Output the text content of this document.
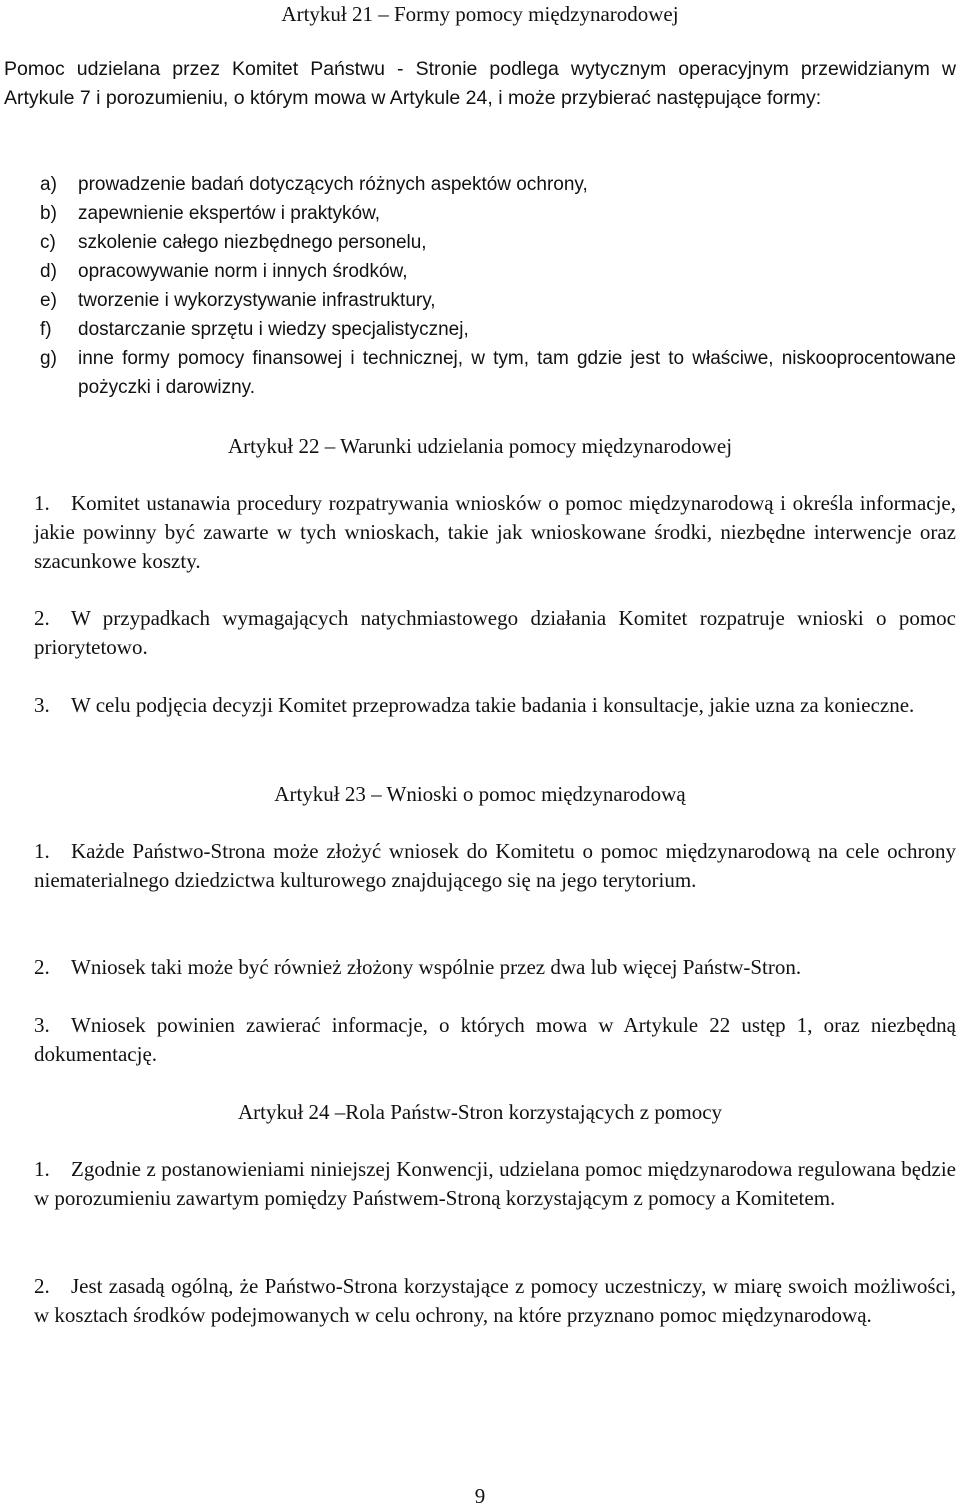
Artykuł 21 – Formy pomocy międzynarodowej
Pomoc udzielana przez Komitet Państwu - Stronie podlega wytycznym operacyjnym przewidzianym w Artykule 7 i porozumieniu, o którym mowa w Artykule 24, i może przybierać następujące formy:
a) prowadzenie badań dotyczących różnych aspektów ochrony,
b) zapewnienie ekspertów i praktyków,
c) szkolenie całego niezbędnego personelu,
d) opracowywanie norm i innych środków,
e) tworzenie i wykorzystywanie infrastruktury,
f) dostarczanie sprzętu i wiedzy specjalistycznej,
g) inne formy pomocy finansowej i technicznej, w tym, tam gdzie jest to właściwe, niskooprocentowane pożyczki i darowizny.
Artykuł 22 – Warunki udzielania pomocy międzynarodowej
1.	Komitet ustanawia procedury rozpatrywania wniosków o pomoc międzynarodową i określa informacje, jakie powinny być zawarte w tych wnioskach, takie jak wnioskowane środki, niezbędne interwencje oraz szacunkowe koszty.
2.	W przypadkach wymagających natychmiastowego działania Komitet rozpatruje wnioski o pomoc priorytetowo.
3.	W celu podjęcia decyzji Komitet przeprowadza takie badania i konsultacje, jakie uzna za konieczne.
Artykuł 23 – Wnioski o pomoc międzynarodową
1.	Każde Państwo-Strona może złożyć wniosek do Komitetu o pomoc międzynarodową na cele ochrony niematerialnego dziedzictwa kulturowego znajdującego się na jego terytorium.
2.	Wniosek taki może być również złożony wspólnie przez dwa lub więcej Państw-Stron.
3.	Wniosek powinien zawierać informacje, o których mowa w Artykule 22 ustęp 1, oraz niezbędną dokumentację.
Artykuł 24 –Rola Państw-Stron korzystających z pomocy
1.	Zgodnie z postanowieniami niniejszej Konwencji, udzielana pomoc międzynarodowa regulowana będzie w porozumieniu zawartym pomiędzy Państwem-Stroną korzystającym z pomocy a Komitetem.
2.	Jest zasadą ogólną, że Państwo-Strona korzystające z pomocy uczestniczy, w miarę swoich możliwości, w kosztach środków podejmowanych w celu ochrony, na które przyznano pomoc międzynarodową.
9
